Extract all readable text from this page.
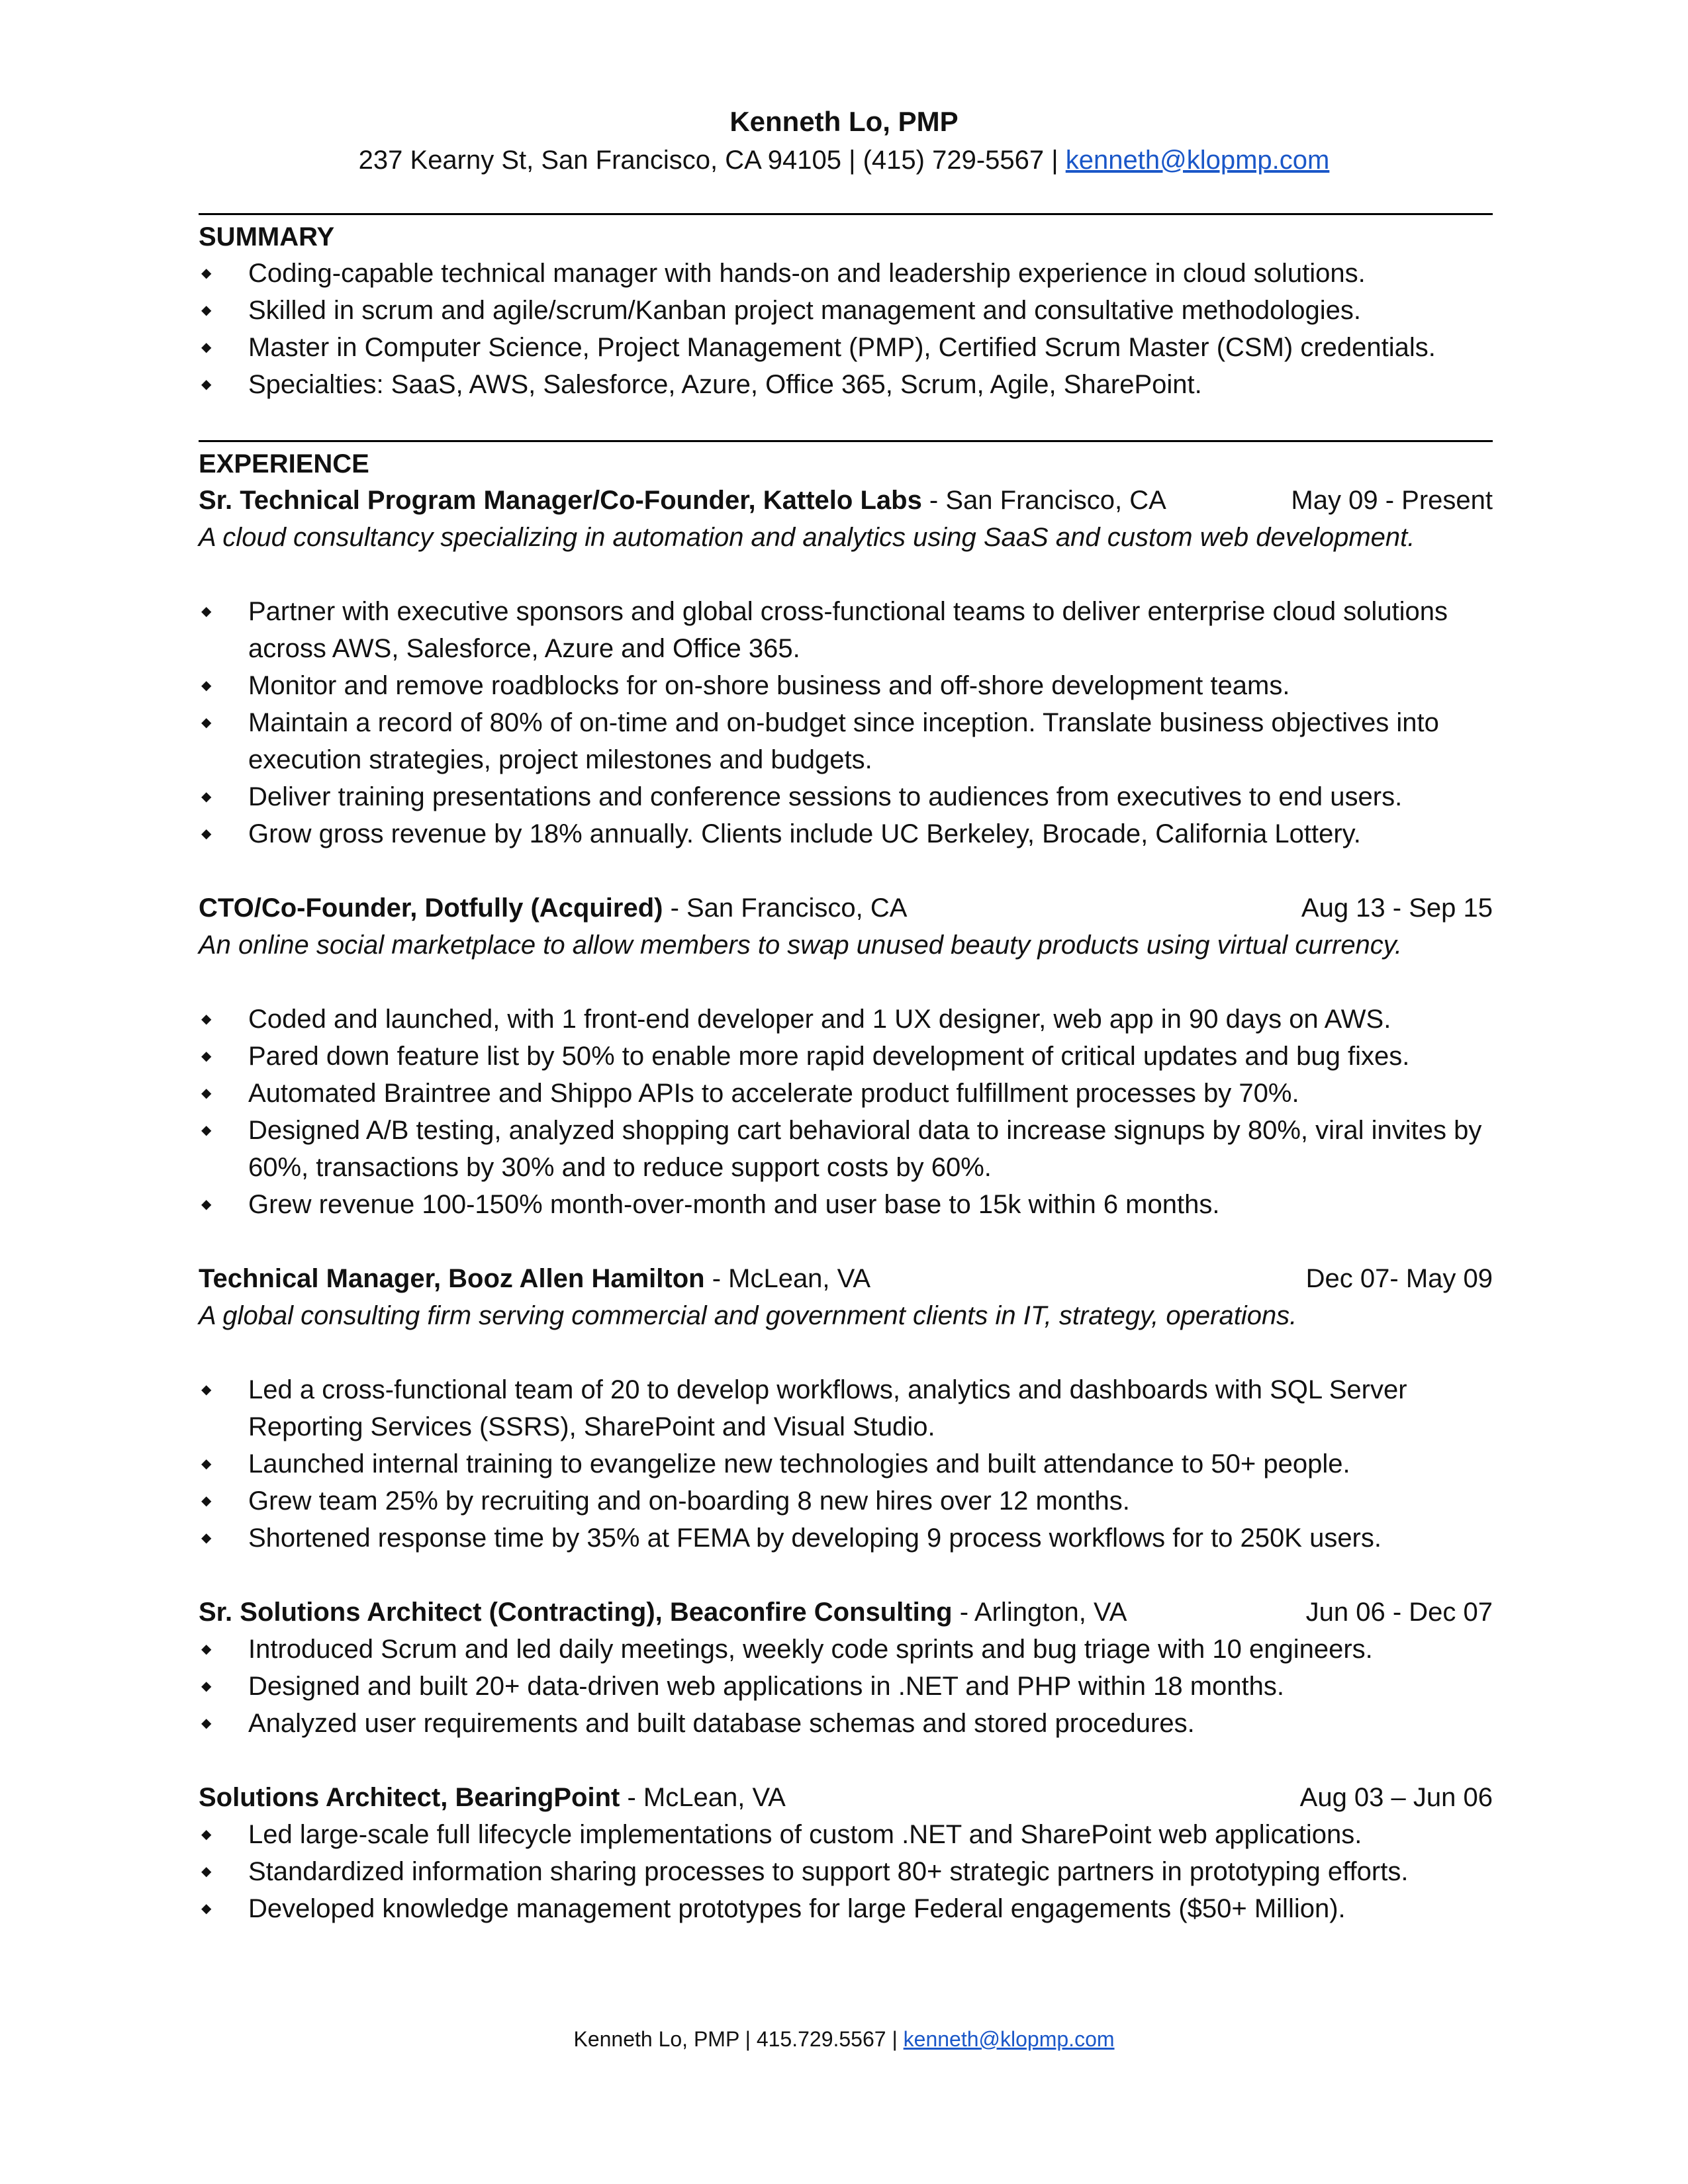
Kenneth Lo, PMP
237 Kearny St, San Francisco, CA 94105 | (415) 729-5567 | kenneth@klopmp.com
SUMMARY
◆ Coding-capable technical manager with hands-on and leadership experience in cloud solutions.
◆ Skilled in scrum and agile/scrum/Kanban project management and consultative methodologies.
◆ Master in Computer Science, Project Management (PMP), Certified Scrum Master (CSM) credentials.
◆ Specialties: SaaS, AWS, Salesforce, Azure, Office 365, Scrum, Agile, SharePoint.
EXPERIENCE
Sr. Technical Program Manager/Co-Founder, Kattelo Labs - San Francisco, CA	May 09 - Present
A cloud consultancy specializing in automation and analytics using SaaS and custom web development.
◆ Partner with executive sponsors and global cross-functional teams to deliver enterprise cloud solutions across AWS, Salesforce, Azure and Office 365.
◆ Monitor and remove roadblocks for on-shore business and off-shore development teams.
◆ Maintain a record of 80% of on-time and on-budget since inception. Translate business objectives into execution strategies, project milestones and budgets.
◆ Deliver training presentations and conference sessions to audiences from executives to end users.
◆ Grow gross revenue by 18% annually. Clients include UC Berkeley, Brocade, California Lottery.
CTO/Co-Founder, Dotfully (Acquired) - San Francisco, CA	Aug 13 - Sep 15
An online social marketplace to allow members to swap unused beauty products using virtual currency.
◆ Coded and launched, with 1 front-end developer and 1 UX designer, web app in 90 days on AWS.
◆ Pared down feature list by 50% to enable more rapid development of critical updates and bug fixes.
◆ Automated Braintree and Shippo APIs to accelerate product fulfillment processes by 70%.
◆ Designed A/B testing, analyzed shopping cart behavioral data to increase signups by 80%, viral invites by 60%, transactions by 30% and to reduce support costs by 60%.
◆ Grew revenue 100-150% month-over-month and user base to 15k within 6 months.
Technical Manager, Booz Allen Hamilton - McLean, VA	Dec 07- May 09
A global consulting firm serving commercial and government clients in IT, strategy, operations.
◆ Led a cross-functional team of 20 to develop workflows, analytics and dashboards with SQL Server Reporting Services (SSRS), SharePoint and Visual Studio.
◆ Launched internal training to evangelize new technologies and built attendance to 50+ people.
◆ Grew team 25% by recruiting and on-boarding 8 new hires over 12 months.
◆ Shortened response time by 35% at FEMA by developing 9 process workflows for to 250K users.
Sr. Solutions Architect (Contracting), Beaconfire Consulting - Arlington, VA	Jun 06 - Dec 07
◆ Introduced Scrum and led daily meetings, weekly code sprints and bug triage with 10 engineers.
◆ Designed and built 20+ data-driven web applications in .NET and PHP within 18 months.
◆ Analyzed user requirements and built database schemas and stored procedures.
Solutions Architect, BearingPoint - McLean, VA	Aug 03 – Jun 06
◆ Led large-scale full lifecycle implementations of custom .NET and SharePoint web applications.
◆ Standardized information sharing processes to support 80+ strategic partners in prototyping efforts.
◆ Developed knowledge management prototypes for large Federal engagements ($50+ Million).
Kenneth Lo, PMP | 415.729.5567 | kenneth@klopmp.com
